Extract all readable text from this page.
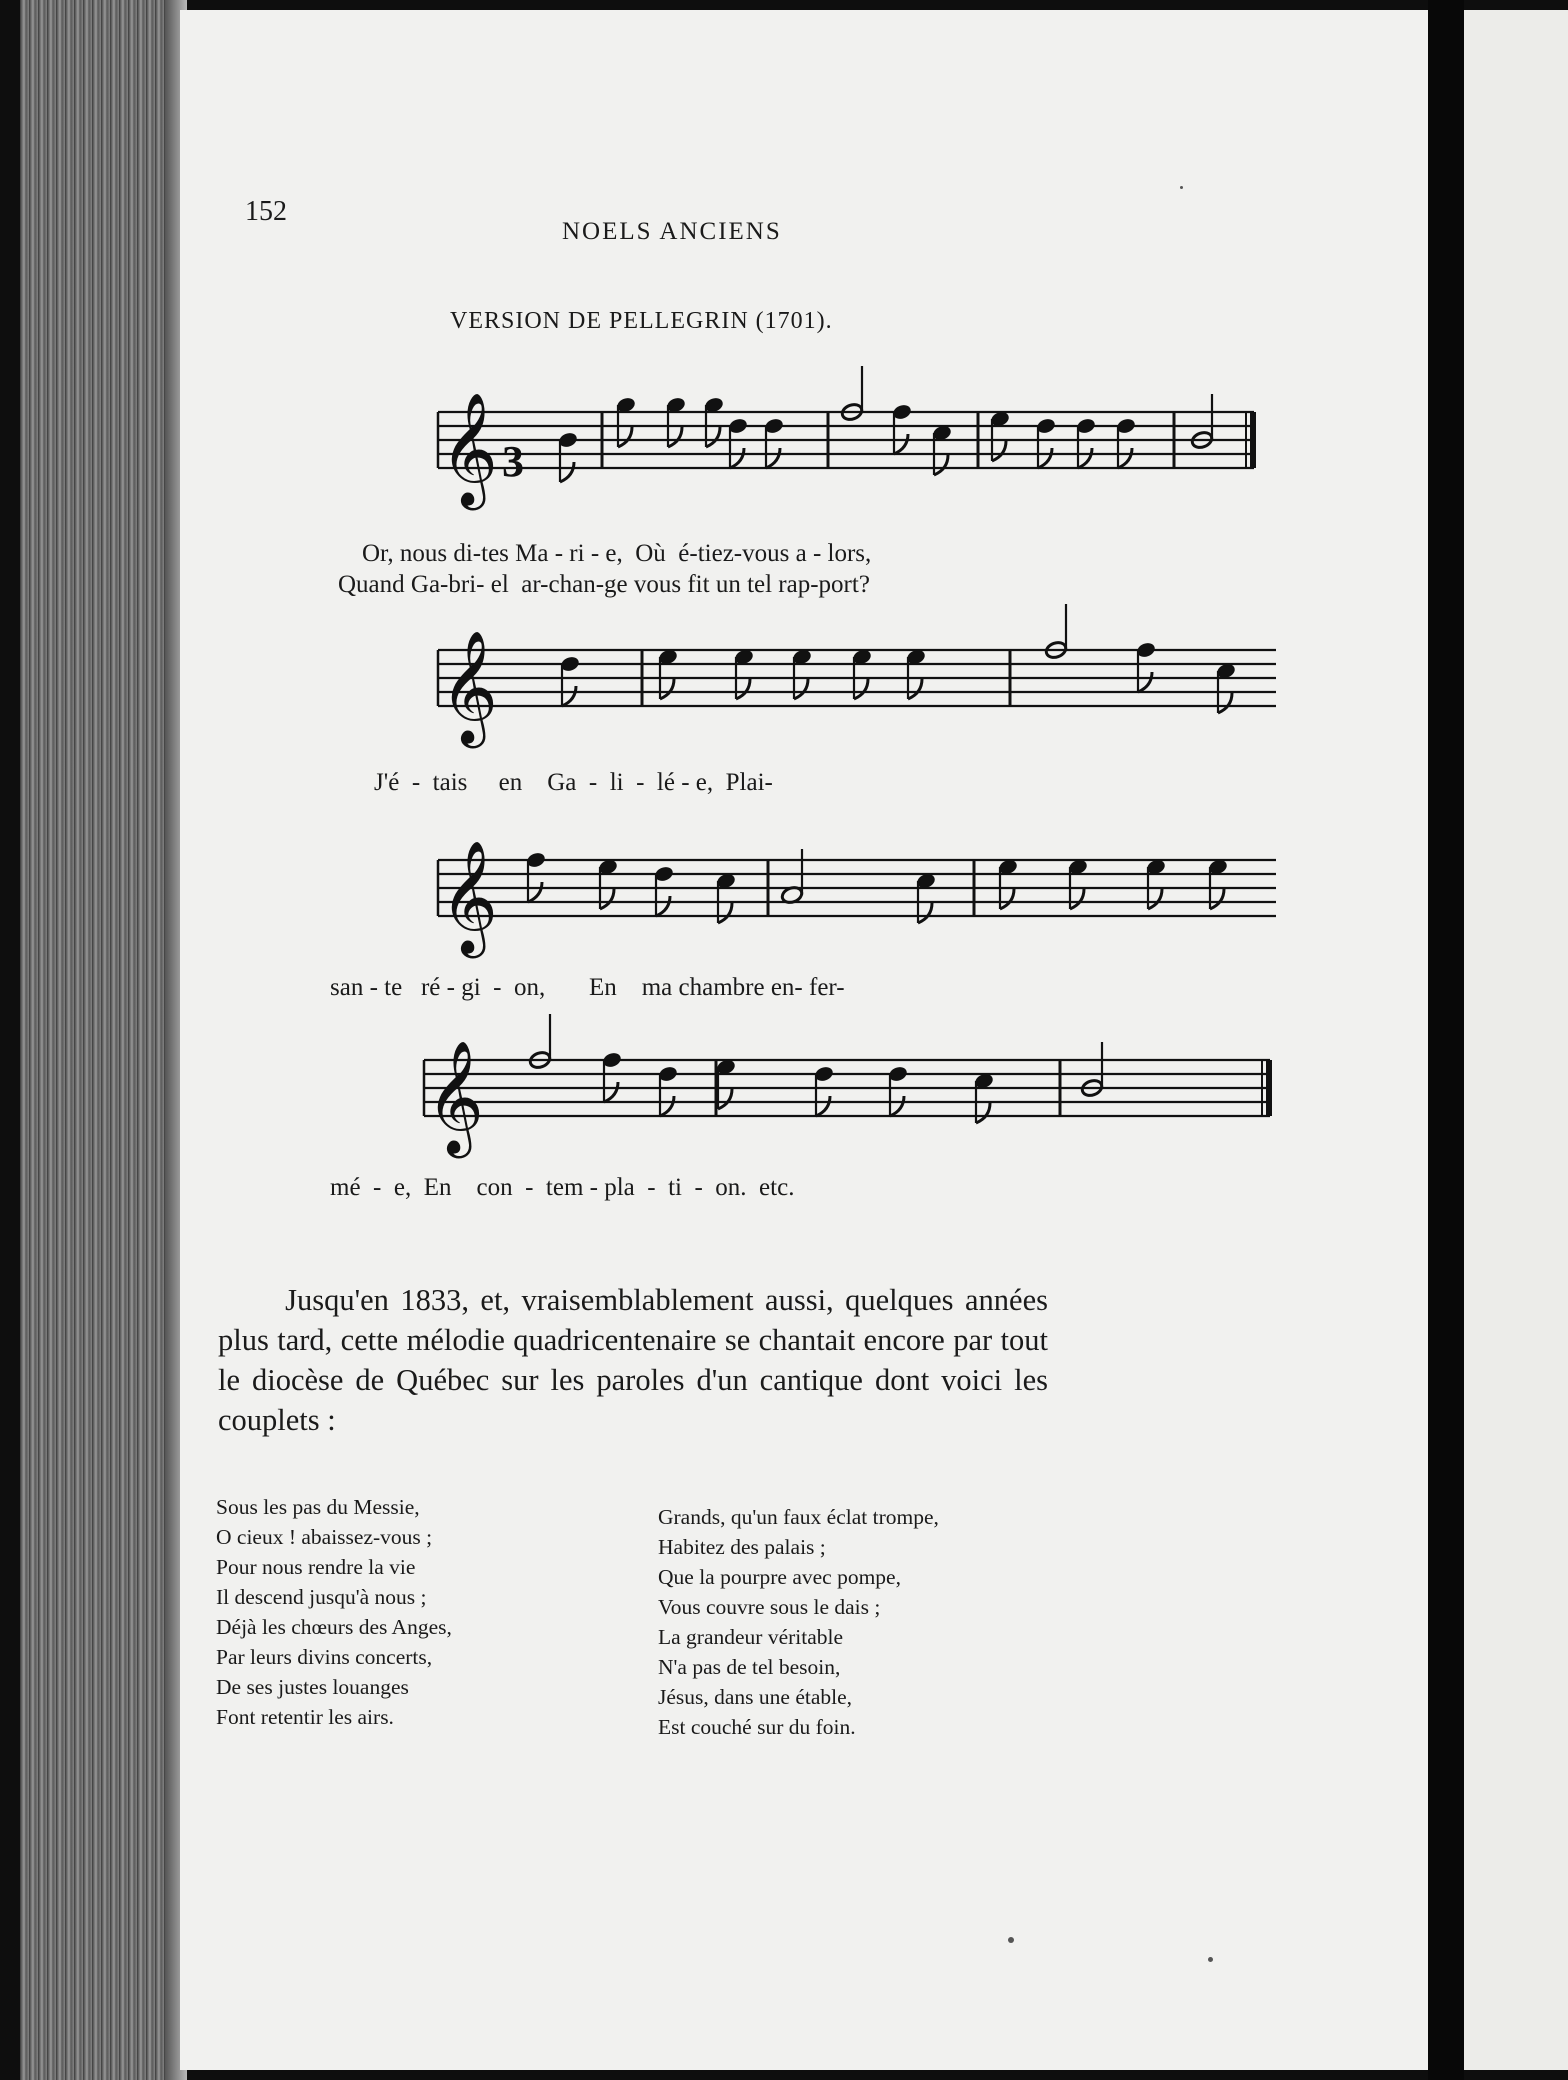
152
NOELS ANCIENS
VERSION DE PELLEGRIN (1701).
𝄞
𝄞
𝄞
𝄞
3
Or, nous di-tes Ma - ri - e,  Où  é-tiez-vous a - lors,
Quand Ga-bri- el  ar-chan-ge vous fit un tel rap-port?
J'é  -  tais     en    Ga  -  li  -  lé - e,  Plai-
san - te   ré - gi  -  on,       En    ma chambre en- fer-
mé  -  e,  En    con  -  tem - pla  -  ti  -  on.  etc.

Jusqu'en 1833, et, vraisemblablement aussi, quelques années plus tard, cette mélodie quadricentenaire se chantait encore par tout le diocèse de Québec sur les paroles d'un cantique dont voici les couplets :

Sous les pas du Messie,
O cieux ! abaissez-vous ;
Pour nous rendre la vie
Il descend jusqu'à nous ;
Déjà les chœurs des Anges,
Par leurs divins concerts,
De ses justes louanges
Font retentir les airs.
Grands, qu'un faux éclat trompe,
Habitez des palais ;
Que la pourpre avec pompe,
Vous couvre sous le dais ;
La grandeur véritable
N'a pas de tel besoin,
Jésus, dans une étable,
Est couché sur du foin.
